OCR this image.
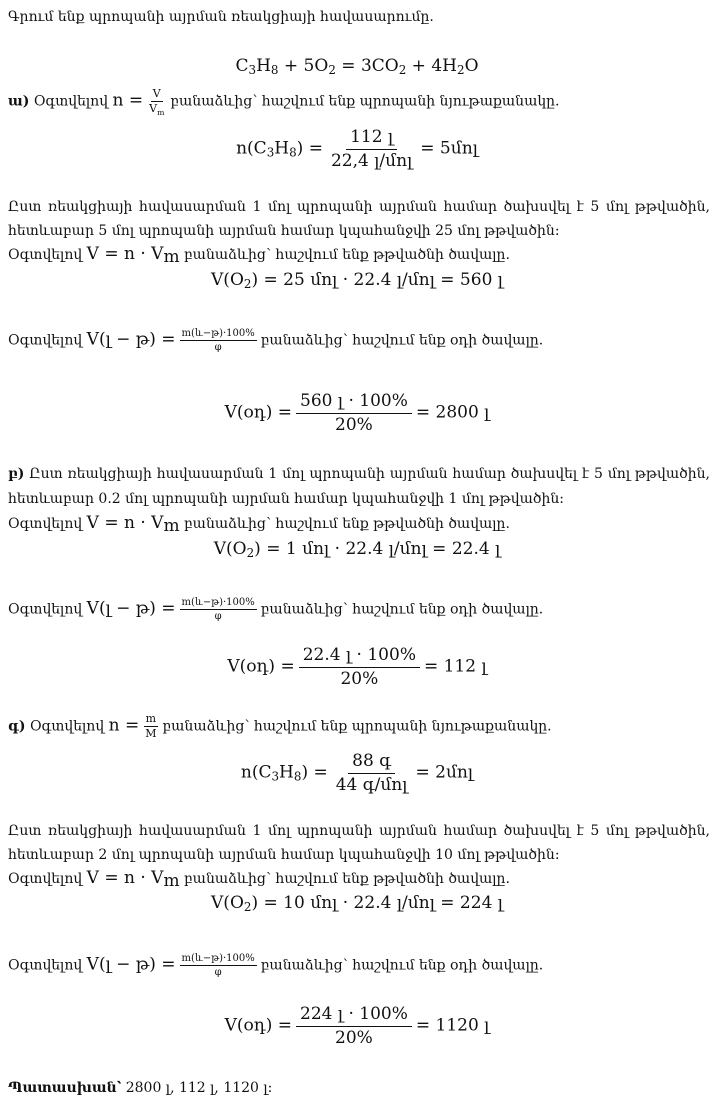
Գրում ենք պրոպանի այրման ռեակցիայի հավասարումը.
$C_3H_8 + 5O_2 = 3CO_2 + 4H_2O$
ա) Օգտվելով $n = \frac{V}{V_m}$ բանաձևից՝ հաշվում ենք պրոպանի նյութաքանակը.
$n(C_3H_8) = \frac{\text{112 լ}}{\text{22,4 լ/մոլ}}$ = 5մոլ
Ըստ ռեակցիայի հավասարման 1 մոլ պրոպանի այրման համար ծախսվել է 5 մոլ թթվածին,
հետևաբար 5 մոլ պրոպանի այրման համար կպահանջվի 25 մոլ թթվածին:
Օգտվելով $V = n \cdot V_m$ բանաձևից՝ հաշվում ենք թթվածնի ծավալը.
$V(O_2) = 25$ մոլ · 22.4 լ/մոլ = 560 լ
Օգտվելով V(լ − թ) = $\frac{\text{m(և−թ)·100\%}}{\varphi}$ բանաձևից՝ հաշվում ենք օդի ծավալը.
V(օդ) = $\frac{\text{560 լ · 100\%}}{20\%} = 2800$ լ
բ) Ըստ ռեակցիայի հավասարման 1 մոլ պրոպանի այրման համար ծախսվել է 5 մոլ թթվածին,
հետևաբար 0.2 մոլ պրոպանի այրման համար կպահանջվի 1 մոլ թթվածին:
Օգտվելով $V = n \cdot V_m$ բանաձևից՝ հաշվում ենք թթվածնի ծավալը.
$V(O_2) = 1$ մոլ · 22.4 լ/մոլ = 22.4 լ
Օգտվելով V(լ − թ) = $\frac{\text{m(և−թ)·100\%}}{\varphi}$ բանաձևից՝ հաշվում ենք օդի ծավալը.
V(օդ) = $\frac{\text{22.4 լ · 100\%}}{20\%} = 112$ լ
գ) Օգտվելով $n = \frac{m}{M}$ բանաձևից՝ հաշվում ենք պրոպանի նյութաքանակը.
$n(C_3H_8) = \frac{\text{88 գ}}{\text{44 գ/մոլ}}$ = 2մոլ
Ըստ ռեակցիայի հավասարման 1 մոլ պրոպանի այրման համար ծախսվել է 5 մոլ թթվածին,
հետևաբար 2 մոլ պրոպանի այրման համար կպահանջվի 10 մոլ թթվածին:
Օգտվելով $V = n \cdot V_m$ բանաձևից՝ հաշվում ենք թթվածնի ծավալը.
$V(O_2) = 10$ մոլ · 22.4 լ/մոլ = 224 լ
Օգտվելով V(լ − թ) = $\frac{\text{m(և−թ)·100\%}}{\varphi}$ բանաձևից՝ հաշվում ենք օդի ծավալը.
V(օդ) = $\frac{\text{224 լ · 100\%}}{20\%} = 1120$ լ
Պատասխան՝ 2800 լ, 112 լ, 1120 լ:
